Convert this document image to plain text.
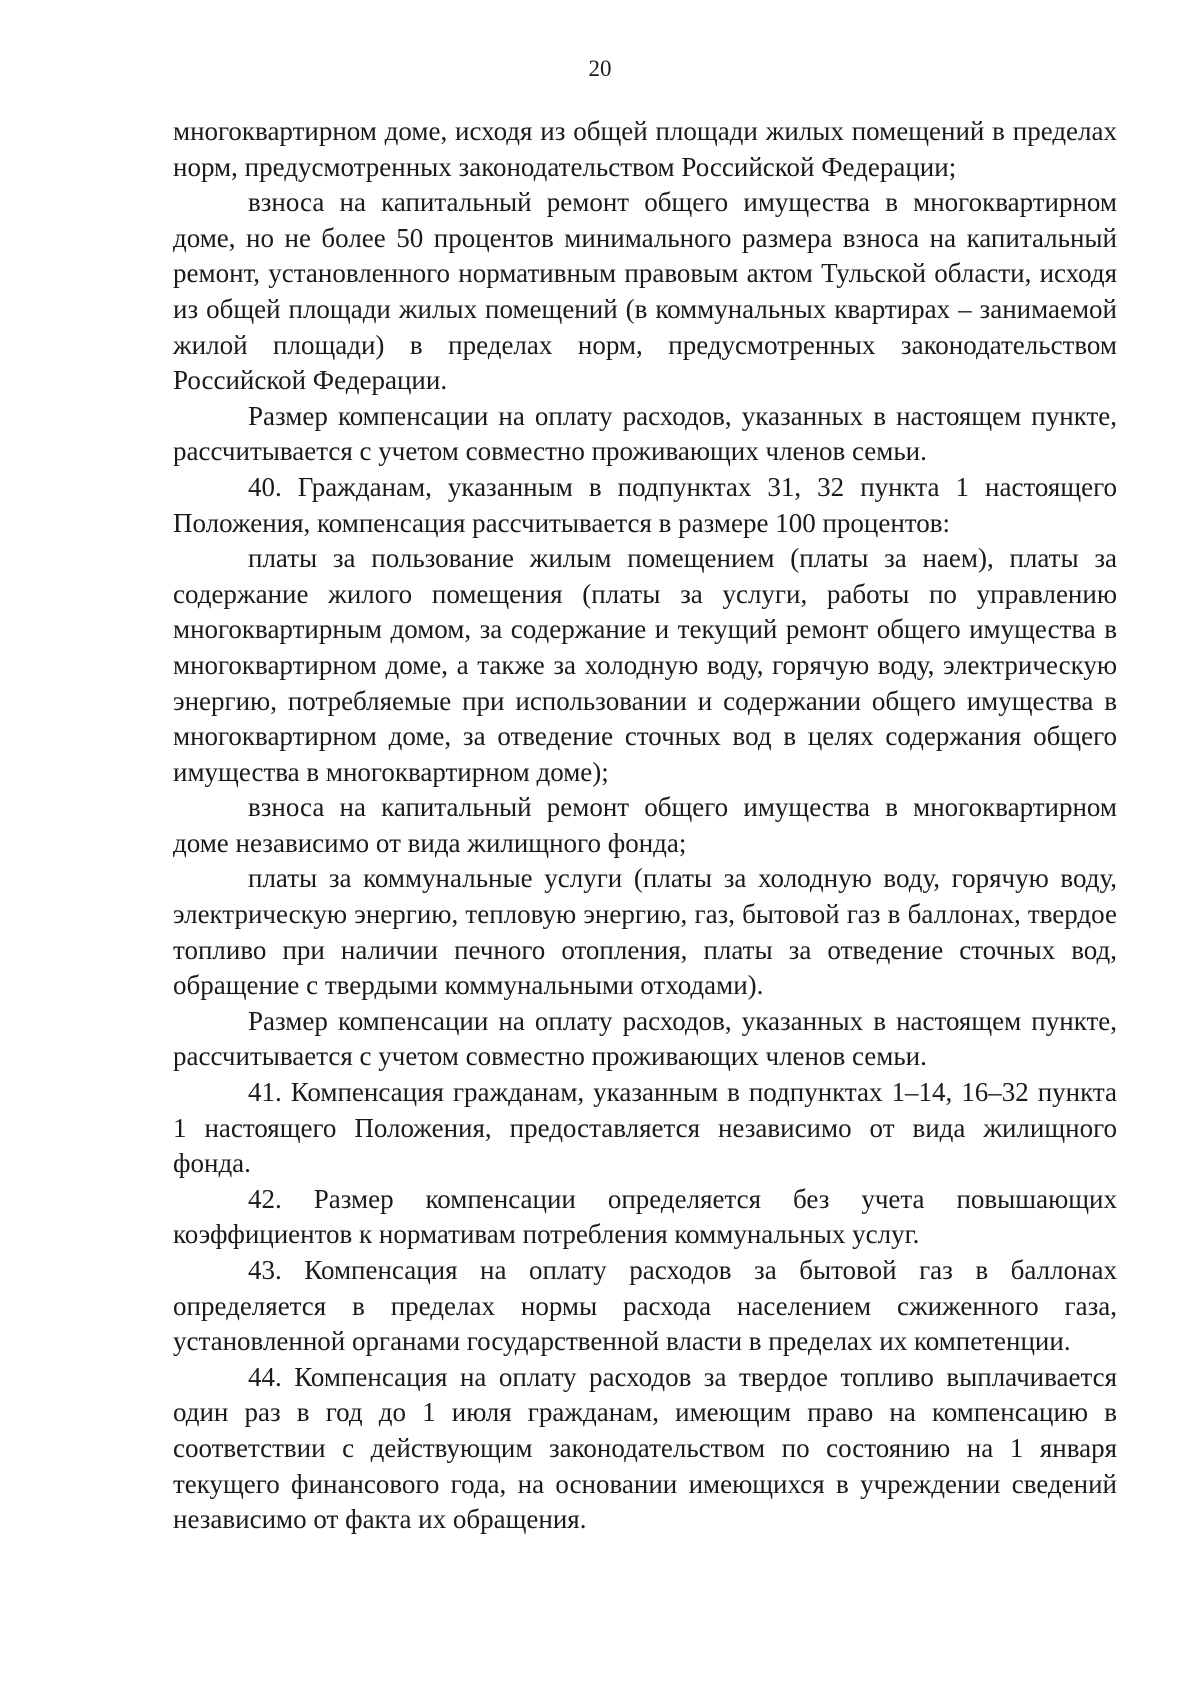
20

многоквартирном доме, исходя из общей площади жилых помещений в пределах норм, предусмотренных законодательством Российской Федерации;

взноса на капитальный ремонт общего имущества в многоквартирном доме, но не более 50 процентов минимального размера взноса на капитальный ремонт, установленного нормативным правовым актом Тульской области, исходя из общей площади жилых помещений (в коммунальных квартирах – занимаемой жилой площади) в пределах норм, предусмотренных законодательством Российской Федерации.

Размер компенсации на оплату расходов, указанных в настоящем пункте, рассчитывается с учетом совместно проживающих членов семьи.

40. Гражданам, указанным в подпунктах 31, 32 пункта 1 настоящего Положения, компенсация рассчитывается в размере 100 процентов:

платы за пользование жилым помещением (платы за наем), платы за содержание жилого помещения (платы за услуги, работы по управлению многоквартирным домом, за содержание и текущий ремонт общего имущества в многоквартирном доме, а также за холодную воду, горячую воду, электрическую энергию, потребляемые при использовании и содержании общего имущества в многоквартирном доме, за отведение сточных вод в целях содержания общего имущества в многоквартирном доме);

взноса на капитальный ремонт общего имущества в многоквартирном доме независимо от вида жилищного фонда;

платы за коммунальные услуги (платы за холодную воду, горячую воду, электрическую энергию, тепловую энергию, газ, бытовой газ в баллонах, твердое топливо при наличии печного отопления, платы за отведение сточных вод, обращение с твердыми коммунальными отходами).

Размер компенсации на оплату расходов, указанных в настоящем пункте, рассчитывается с учетом совместно проживающих членов семьи.

41. Компенсация гражданам, указанным в подпунктах 1–14, 16–32 пункта 1 настоящего Положения, предоставляется независимо от вида жилищного фонда.

42. Размер компенсации определяется без учета повышающих коэффициентов к нормативам потребления коммунальных услуг.

43. Компенсация на оплату расходов за бытовой газ в баллонах определяется в пределах нормы расхода населением сжиженного газа, установленной органами государственной власти в пределах их компетенции.

44. Компенсация на оплату расходов за твердое топливо выплачивается один раз в год до 1 июля гражданам, имеющим право на компенсацию в соответствии с действующим законодательством по состоянию на 1 января текущего финансового года, на основании имеющихся в учреждении сведений независимо от факта их обращения.
